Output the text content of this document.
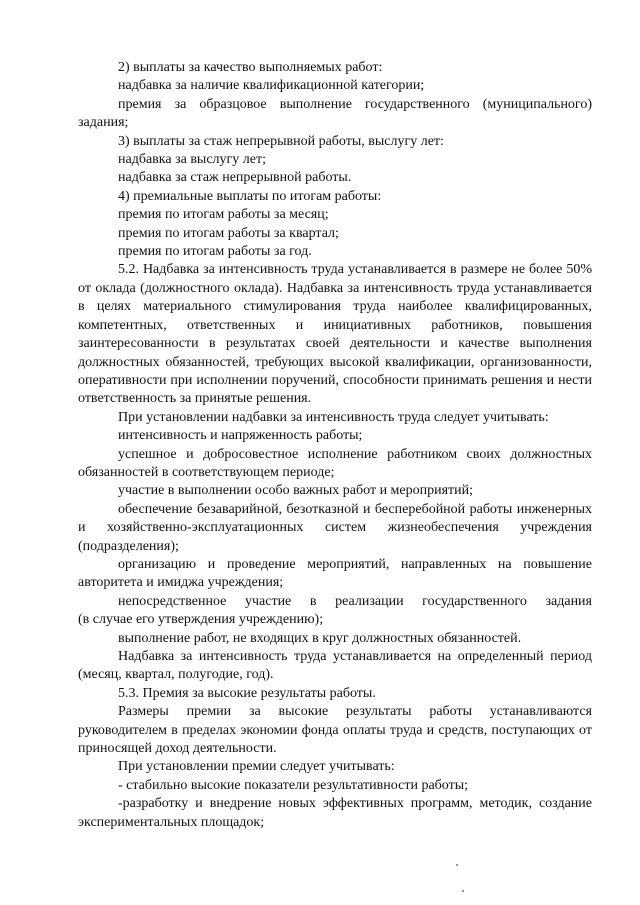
2) выплаты за качество выполняемых работ:

надбавка за наличие квалификационной категории;

премия за образцовое выполнение государственного (муниципального) задания;

3) выплаты за стаж непрерывной работы, выслугу лет:

надбавка за выслугу лет;

надбавка за стаж непрерывной работы.

4) премиальные выплаты по итогам работы:

премия по итогам работы за месяц;

премия по итогам работы за квартал;

премия по итогам работы за год.

5.2. Надбавка за интенсивность труда устанавливается в размере не более 50% от оклада (должностного оклада). Надбавка за интенсивность труда устанавливается в целях материального стимулирования труда наиболее квалифицированных, компетентных, ответственных и инициативных работников, повышения заинтересованности в результатах своей деятельности и качестве выполнения должностных обязанностей, требующих высокой квалификации, организованности, оперативности при исполнении поручений, способности принимать решения и нести ответственность за принятые решения.

При установлении надбавки за интенсивность труда следует учитывать:

интенсивность и напряженность работы;

успешное и добросовестное исполнение работником своих должностных обязанностей в соответствующем периоде;

участие в выполнении особо важных работ и мероприятий;

обеспечение безаварийной, безотказной и бесперебойной работы инженерных и хозяйственно-эксплуатационных систем жизнеобеспечения учреждения (подразделения);

организацию и проведение мероприятий, направленных на повышение авторитета и имиджа учреждения;

непосредственное участие в реализации государственного задания

(в случае его утверждения учреждению);

выполнение работ, не входящих в круг должностных обязанностей.

Надбавка за интенсивность труда устанавливается на определенный период (месяц, квартал, полугодие, год).

5.3. Премия за высокие результаты работы.

Размеры премии за высокие результаты работы устанавливаются руководителем в пределах экономии фонда оплаты труда и средств, поступающих от приносящей доход деятельности.

При установлении премии следует учитывать:

- стабильно высокие показатели результативности работы;

-разработку и внедрение новых эффективных программ, методик, создание экспериментальных площадок;
